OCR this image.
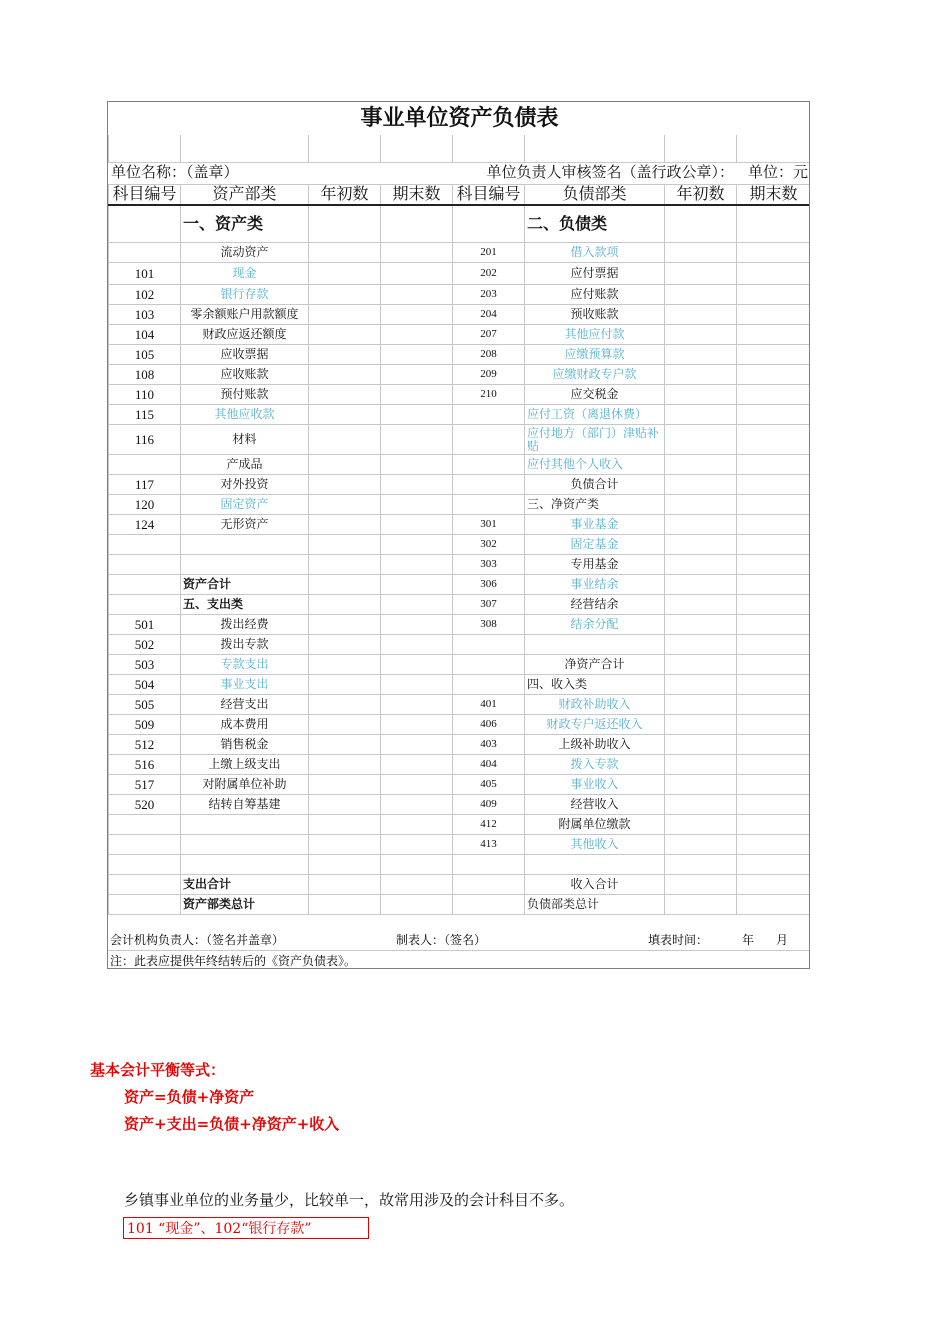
事业单位资产负债表							

单位名称：（盖章）			单位负责人审核签名（盖行政公章）：				单位：元
科目编号	资产部类	年初数	期末数	科目编号	负债部类	年初数	期末数
	一、资产类				二、负债类		
	流动资产			201	借入款项		
101	现金			202	应付票据		
102	银行存款			203	应付账款		
103	零余额账户用款额度			204	预收账款		
104	财政应返还额度			207	其他应付款		
105	应收票据			208	应缴预算款		
108	应收账款			209	应缴财政专户款		
110	预付账款			210	应交税金		
115	其他应收款				应付工资（离退休费）		
116	材料				应付地方（部门）津贴补贴		
	产成品				应付其他个人收入		
117	对外投资				负债合计		
120	固定资产				三、净资产类		
124	无形资产			301	事业基金		
				302	固定基金		
				303	专用基金		
	资产合计			306	事业结余		
	五、支出类			307	经营结余		
501	拨出经费			308	结余分配		
502	拨出专款						
503	专款支出				净资产合计		
504	事业支出				四、收入类		
505	经营支出			401	财政补助收入		
509	成本费用			406	财政专户返还收入		
512	销售税金			403	上级补助收入		
516	上缴上级支出			404	拨入专款		
517	对附属单位补助			405	事业收入		
520	结转自筹基建			409	经营收入		
				412	附属单位缴款		
				413	其他收入		

	支出合计				收入合计		
	资产部类总计				负债部类总计		
会计机构负责人：（签名并盖章）	制表人：（签名）	填表时间：	年 月
注：此表应提供年终结转后的《资产负债表》。
基本会计平衡等式：
资产=负债+净资产
资产+支出=负债+净资产+收入
乡镇事业单位的业务量少，比较单一，故常用涉及的会计科目不多。
101 “现金”、102“银行存款”
